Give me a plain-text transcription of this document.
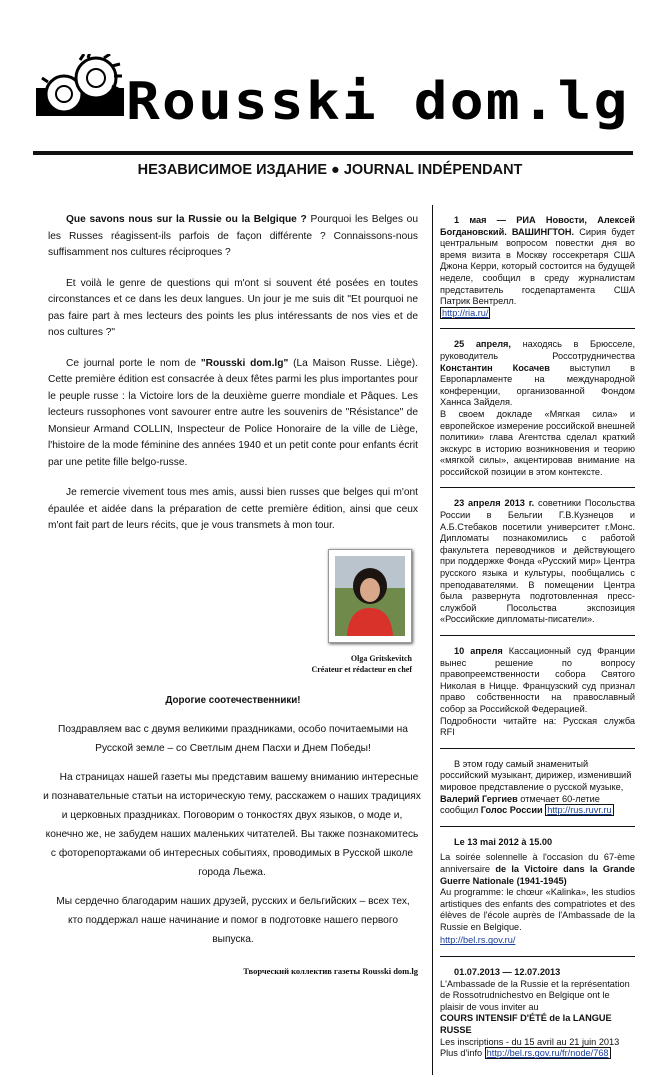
Rousski dom.lg
НЕЗАВИСИМОЕ ИЗДАНИЕ ● JOURNAL INDÉPENDANT

Que savons nous sur la Russie ou la Belgique ? Pourquoi les Belges ou les Russes réagissent-ils parfois de façon différente ? Connaissons-nous suffisamment nos cultures réciproques ?

Et voilà le genre de questions qui m'ont si souvent été posées en toutes circonstances et ce dans les deux langues. Un jour je me suis dit "Et pourquoi ne pas faire part à mes lecteurs des points les plus intéressants de nos vies et de nos cultures ?"

Ce journal porte le nom de "Rousski dom.lg" (La Maison Russe. Liège). Cette première édition est consacrée à deux fêtes parmi les plus importantes pour le peuple russe : la Victoire lors de la deuxième guerre mondiale et Pâques. Les lecteurs russophones vont savourer entre autre les souvenirs de "Résistance" de Monsieur Armand COLLIN, Inspecteur de Police Honoraire de la ville de Liège, l'histoire de la mode féminine des années 1940 et un petit conte pour enfants écrit par une petite fille belgo-russe.

Je remercie vivement tous mes amis, aussi bien russes que belges qui m'ont épaulée et aidée dans la préparation de cette première édition, ainsi que ceux m'ont fait part de leurs récits, que je vous transmets à mon tour.

Olga Gritskevitch
Créateur et rédacteur en chef

Дорогие соотечественники!

Поздравляем вас с двумя великими праздниками, особо почитаемыми на Русской земле – со Светлым днем Пасхи и Днем Победы!

На страницах нашей газеты мы представим вашему вниманию интересные и познавательные статьи на историческую тему, расскажем о наших традициях и церковных праздниках. Поговорим о тонкостях двух языков, о моде и, конечно же, не забудем наших маленьких читателей. Вы также познакомитесь с фоторепортажами об интересных событиях, проводимых в Русской школе города Льежа.

Мы сердечно благодарим наших друзей, русских и бельгийских – всех тех, кто поддержал наше начинание и помог в подготовке нашего первого выпуска.

Творческий коллектив газеты Rousski dom.lg

1 мая — РИА Новости, Алексей Богдановский. ВАШИНГТОН. Сирия будет центральным вопросом повестки дня во время визита в Москву госсекретаря США Джона Керри, который состоится на будущей неделе, сообщил в среду журналистам представитель госдепартамента США Патрик Вентрелл.

http://ria.ru/

25 апреля, находясь в Брюсселе, руководитель Россотрудничества Константин Косачев выступил в Европарламенте на международной конференции, организованной Фондом Ханнса Зайделя.

В своем докладе «Мягкая сила» и европейское измерение российской внешней политики» глава Агентства сделал краткий экскурс в историю возникновения и теорию «мягкой силы», акцентировав внимание на российской позиции в этом контексте.

23 апреля 2013 г. советники Посольства России в Бельгии Г.В.Кузнецов и А.Б.Стебаков посетили университет г.Монс. Дипломаты познакомились с работой факультета переводчиков и действующего при поддержке Фонда «Русский мир» Центра русского языка и культуры, пообщались с преподавателями. В помещении Центра была развернута подготовленная пресс-службой Посольства экспозиция «Российские дипломаты-писатели».

10 апреля Кассационный суд Франции вынес решение по вопросу правопреемственности собора Святого Николая в Ницце. Французский суд признал право собственности на православный собор за Российской Федерацией.

Подробности читайте на: Русская служба RFI

В этом году самый знаменитый российский музыкант, дирижер, изменивший мировое представление о русской музыке, Валерий Гергиев отмечает 60-летие

сообщил Голос России http://rus.ruvr.ru

Le 13 mai 2012 à 15.00

La soirée solennelle à l'occasion du 67-ème anniversaire de la Victoire dans la Grande Guerre Nationale (1941-1945)

Au programme: le chœur «Kalinka», les studios artistiques des enfants des compatriotes et des élèves de l'école auprès de l'Ambassade de la Russie en Belgique.

http://bel.rs.gov.ru/

01.07.2013 — 12.07.2013

L'Ambassade de la Russie et la représentation de Rossotrudnichestvo en Belgique ont le plaisir de vous inviter au

COURS INTENSIF D'ÉTÉ de la LANGUE RUSSE

Les inscriptions - du 15 avril au 21 juin 2013

Plus d'info http://bel.rs.gov.ru/fr/node/768
